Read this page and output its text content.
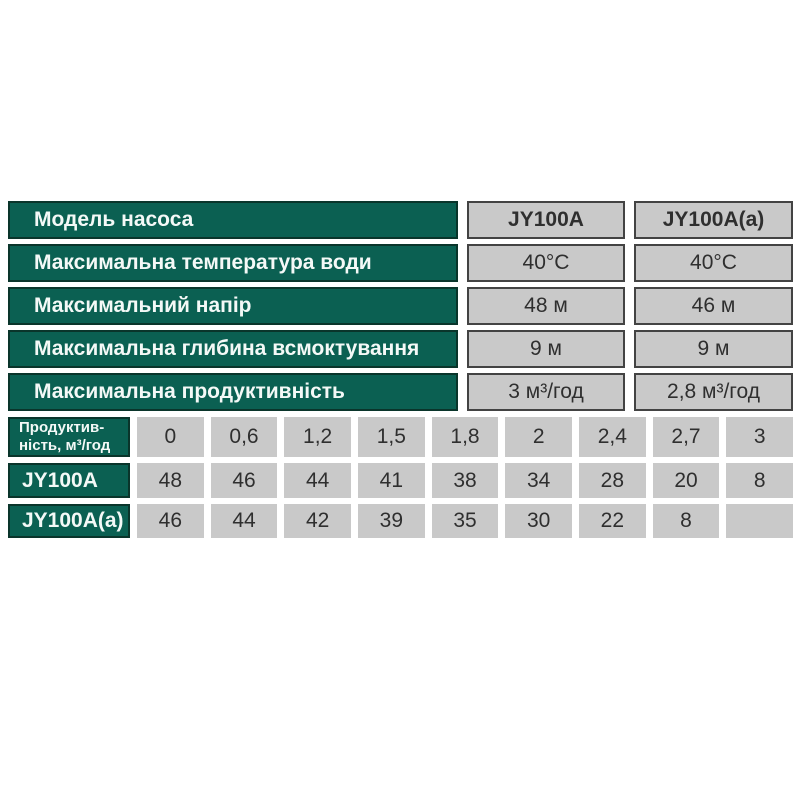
Модель насоса	JY100A	JY100A(a)
Максимальна температура води	40°C	40°C
Максимальний напір	48 м	46 м
Максимальна глибина всмоктування	9 м	9 м
Максимальна продуктивність	3 м³/год	2,8 м³/год
Продуктив-
ність, м³/год	0	0,6	1,2	1,5	1,8	2	2,4	2,7	3
JY100A	48	46	44	41	38	34	28	20	8
JY100A(a)	46	44	42	39	35	30	22	8
